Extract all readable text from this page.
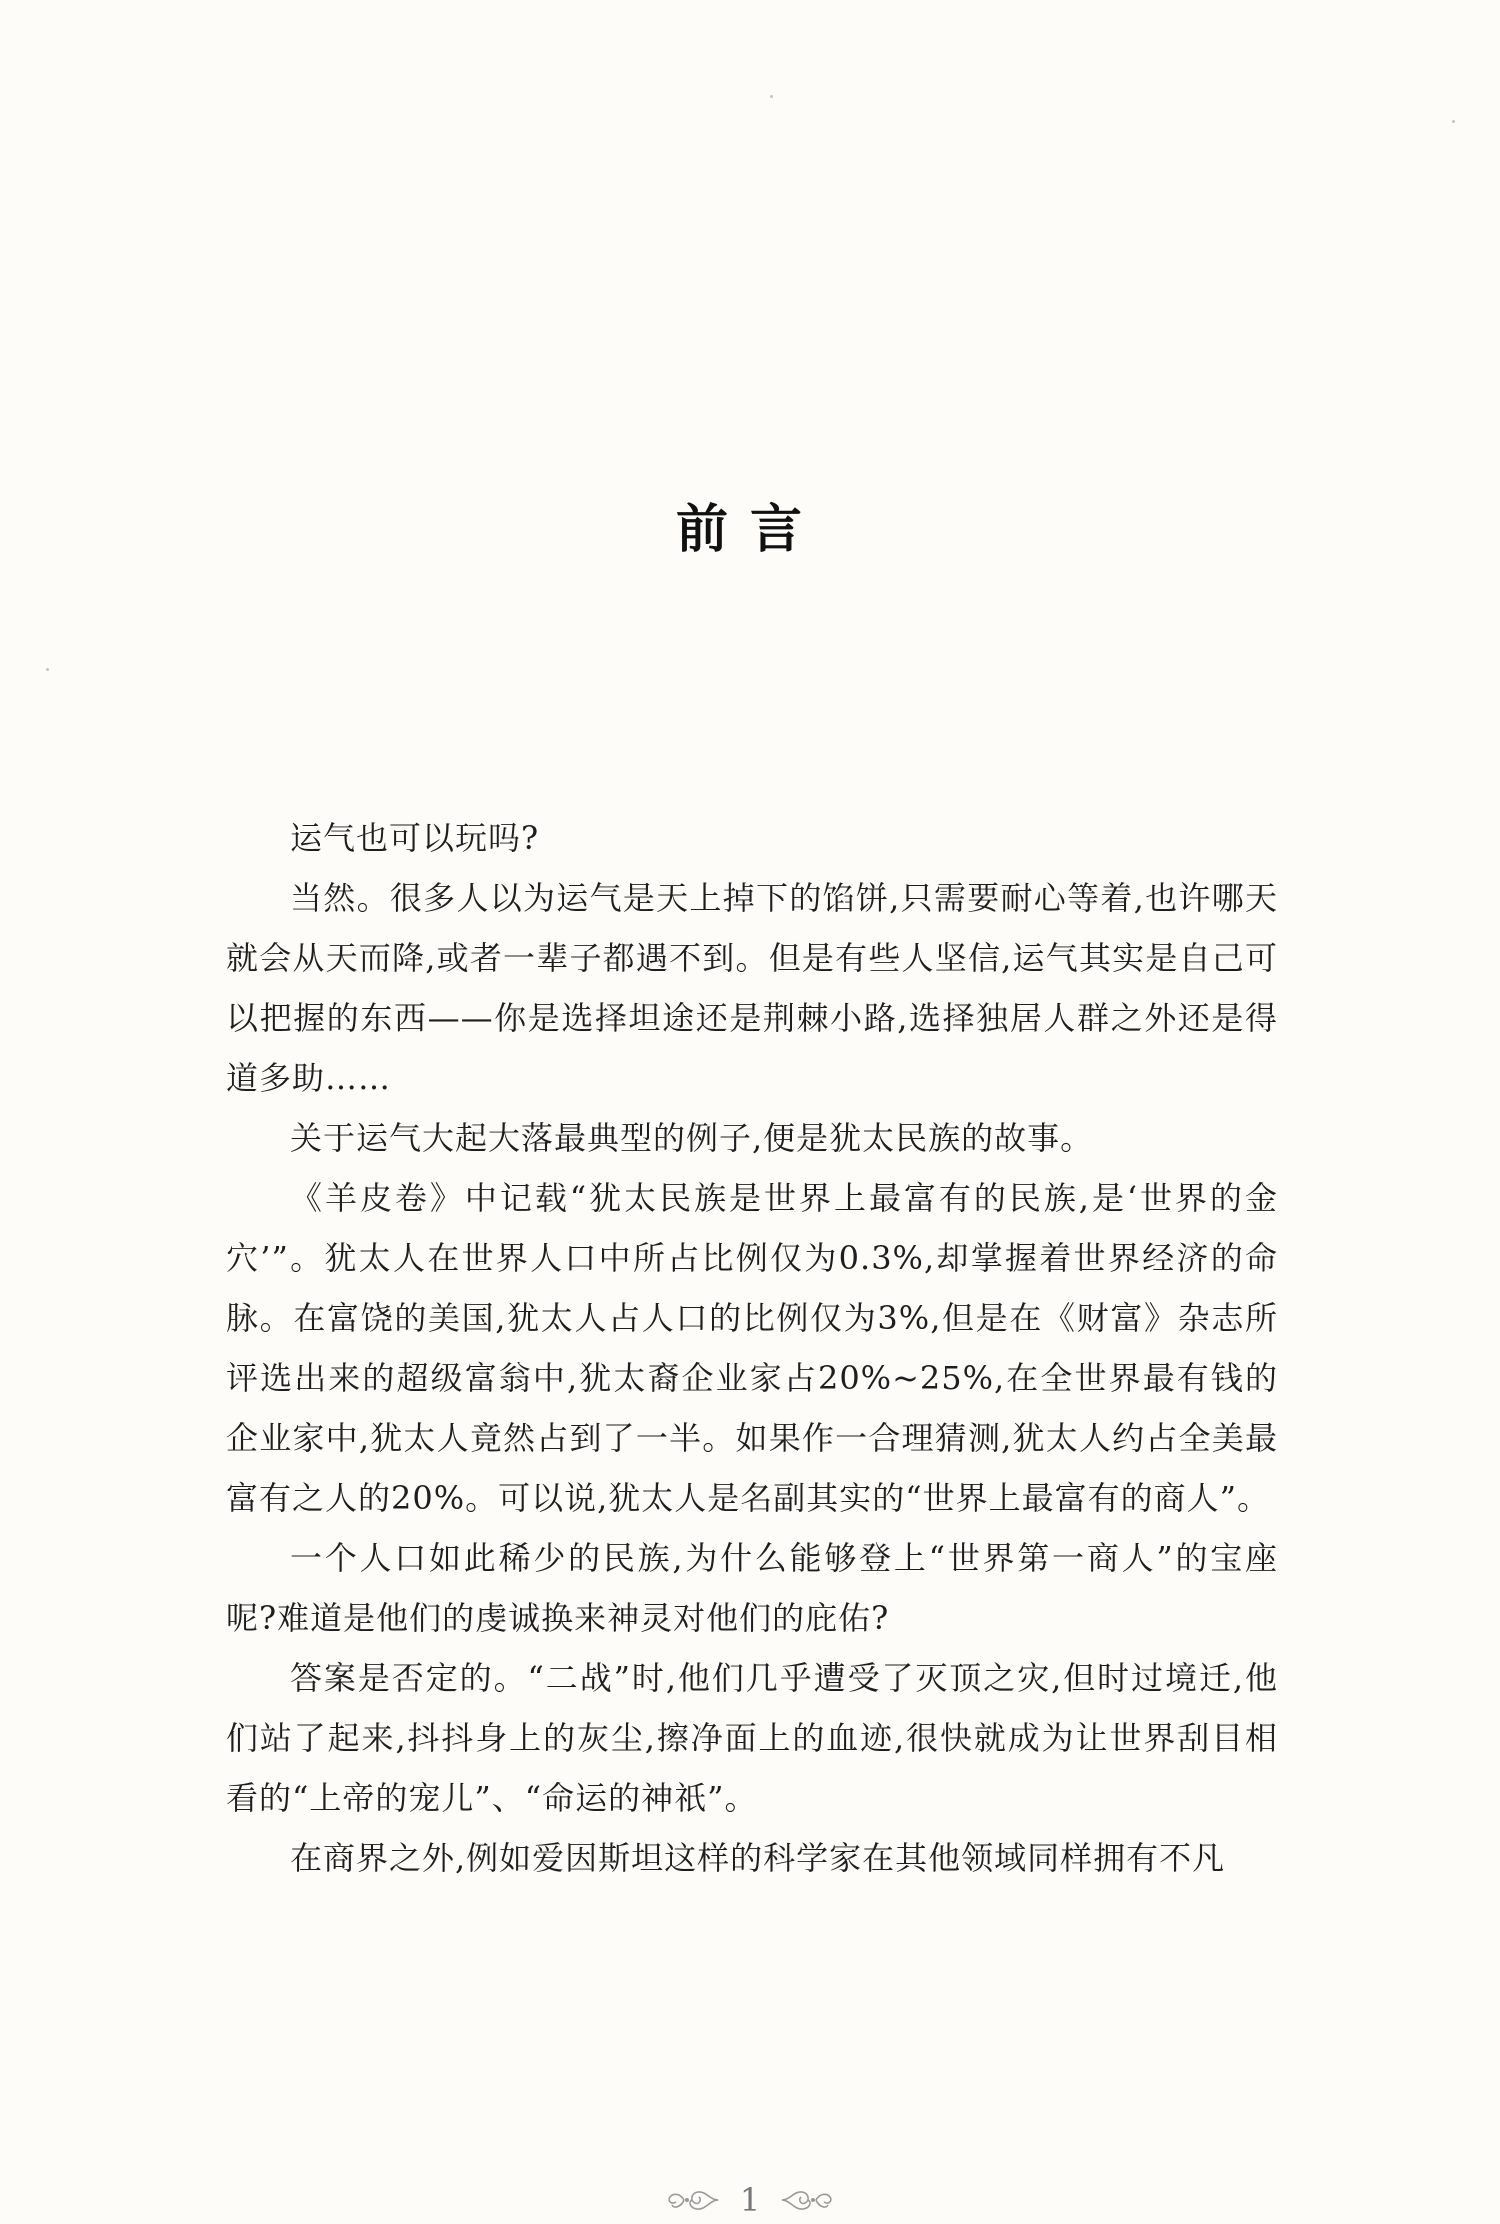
前言

运气也可以玩吗?

当然。很多人以为运气是天上掉下的馅饼,只需要耐心等着,也许哪天就会从天而降,或者一辈子都遇不到。但是有些人坚信,运气其实是自己可以把握的东西——你是选择坦途还是荆棘小路,选择独居人群之外还是得道多助……

关于运气大起大落最典型的例子,便是犹太民族的故事。

《羊皮卷》中记载“犹太民族是世界上最富有的民族,是‘世界的金穴’”。犹太人在世界人口中所占比例仅为0.3%,却掌握着世界经济的命脉。在富饶的美国,犹太人占人口的比例仅为3%,但是在《财富》杂志所评选出来的超级富翁中,犹太裔企业家占20%~25%,在全世界最有钱的企业家中,犹太人竟然占到了一半。如果作一合理猜测,犹太人约占全美最富有之人的20%。可以说,犹太人是名副其实的“世界上最富有的商人”。

一个人口如此稀少的民族,为什么能够登上“世界第一商人”的宝座呢?难道是他们的虔诚换来神灵对他们的庇佑?

答案是否定的。“二战”时,他们几乎遭受了灭顶之灾,但时过境迁,他们站了起来,抖抖身上的灰尘,擦净面上的血迹,很快就成为让世界刮目相看的“上帝的宠儿”、“命运的神祇”。

在商界之外,例如爱因斯坦这样的科学家在其他领域同样拥有不凡

1
